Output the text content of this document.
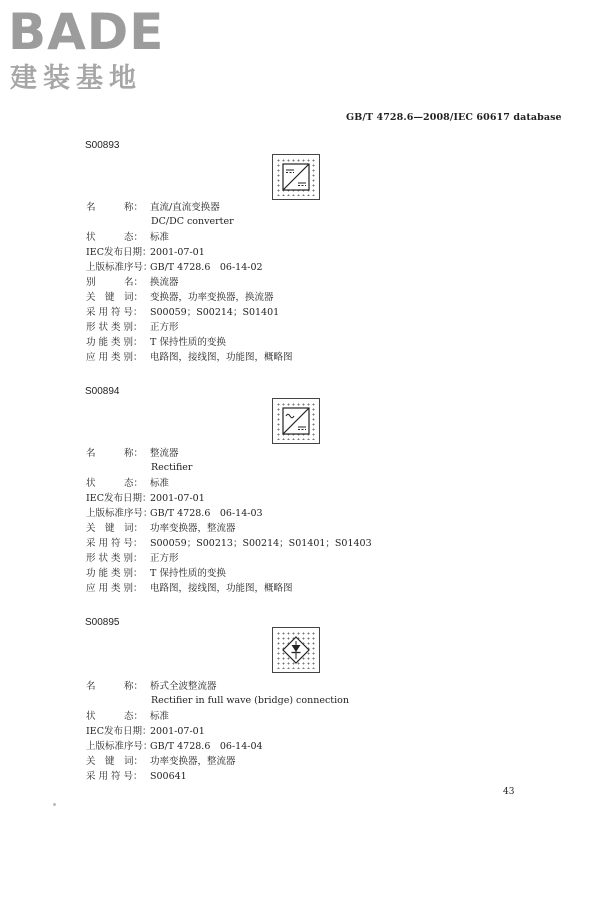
BADE
建装基地
GB/T 4728.6—2008/IEC 60617 database
S00893
名　　　称： 直流/直流变换器
DC/DC converter
状　　　态： 标准
IEC发布日期：2001-07-01
上版标准序号：GB/T 4728.6　06-14-02
别　　　名： 换流器
关　键　词： 变换器，功率变换器，换流器
采 用 符 号： S00059；S00214；S01401
形 状 类 别： 正方形
功 能 类 别： T 保持性质的变换
应 用 类 别： 电路图，接线图，功能图，概略图
S00894
名　　　称： 整流器
Rectifier
状　　　态： 标准
IEC发布日期：2001-07-01
上版标准序号：GB/T 4728.6　06-14-03
关　键　词： 功率变换器，整流器
采 用 符 号： S00059；S00213；S00214；S01401；S01403
形 状 类 别： 正方形
功 能 类 别： T 保持性质的变换
应 用 类 别： 电路图，接线图，功能图，概略图
S00895
名　　　称： 桥式全波整流器
Rectifier in full wave (bridge) connection
状　　　态： 标准
IEC发布日期：2001-07-01
上版标准序号：GB/T 4728.6　06-14-04
关　键　词： 功率变换器，整流器
采 用 符 号： S00641
43
